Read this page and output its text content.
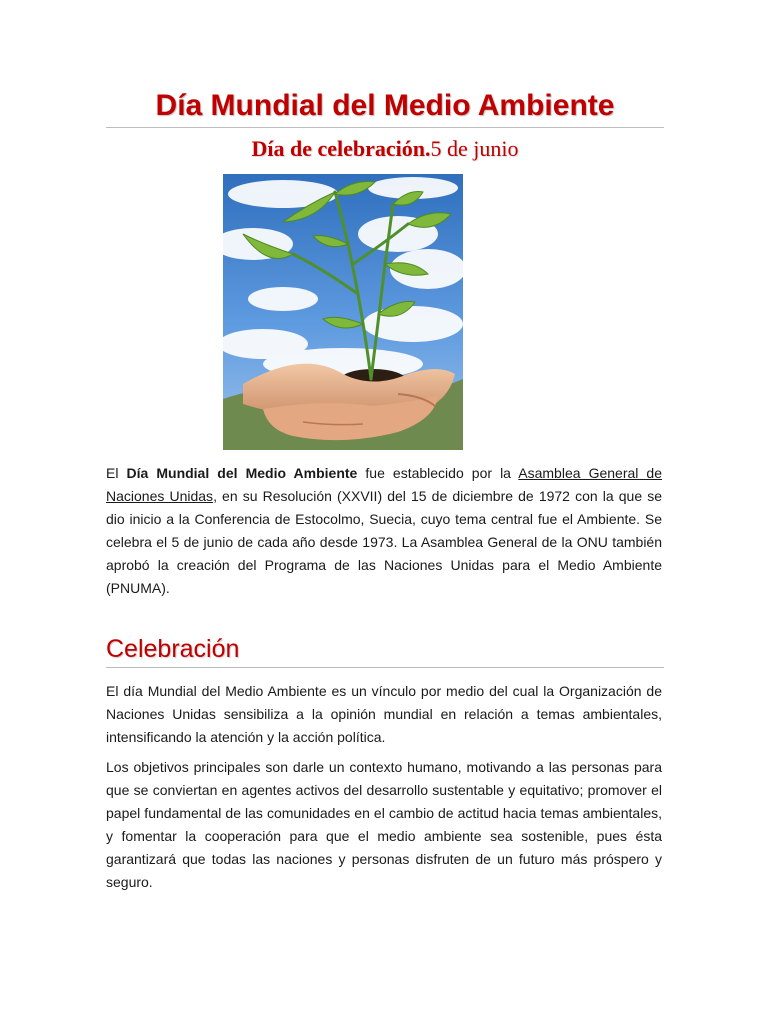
Día Mundial del Medio Ambiente
Día de celebración.5 de junio
El Día Mundial del Medio Ambiente fue establecido por la Asamblea General de Naciones Unidas, en su Resolución (XXVII) del 15 de diciembre de 1972 con la que se dio inicio a la Conferencia de Estocolmo, Suecia, cuyo tema central fue el Ambiente. Se celebra el 5 de junio de cada año desde 1973. La Asamblea General de la ONU también aprobó la creación del Programa de las Naciones Unidas para el Medio Ambiente (PNUMA).
Celebración
El día Mundial del Medio Ambiente es un vínculo por medio del cual la Organización de Naciones Unidas sensibiliza a la opinión mundial en relación a temas ambientales, intensificando la atención y la acción política.
Los objetivos principales son darle un contexto humano, motivando a las personas para que se conviertan en agentes activos del desarrollo sustentable y equitativo; promover el papel fundamental de las comunidades en el cambio de actitud hacia temas ambientales, y fomentar la cooperación para que el medio ambiente sea sostenible, pues ésta garantizará que todas las naciones y personas disfruten de un futuro más próspero y seguro.
